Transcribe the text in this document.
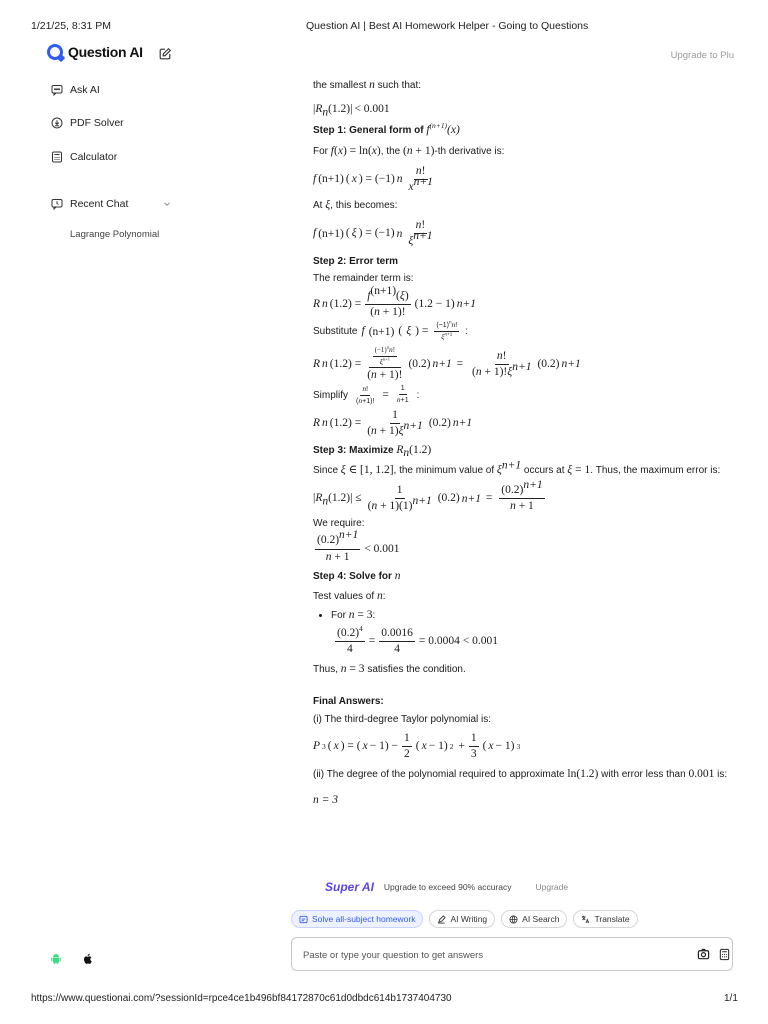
1/21/25, 8:31 PM	Question AI | Best AI Homework Helper - Going to Questions
https://www.questionai.com/?sessionId=rpce4ce1b496bf84172870c61d0dbdc614b1737404730	1/1
Question AI
Ask AI
PDF Solver
Calculator
Recent Chat
Lagrange Polynomial
Upgrade to Plu

the smallest n such that:

$|R_n(1.2)| < 0.001$

Step 1: General form of $f^{(n+1)}(x)$

For f(x) = ln(x), the (n + 1)-th derivative is:

f (n+1) ( x ) = (−1) n $\frac{n!}{x^{n+1}}$

At ξ, this becomes:

f (n+1) ( ξ ) = (−1) n $\frac{n!}{\xi^{n+1}}$

Step 2: Error term

The remainder term is:

R n $(1.2) = \frac{f^{(n+1)}(\xi)}{(n + 1)!} (1.2 - 1)$ n+1

Substitute f (n+1) ( ξ ) = $\frac{(-1)^nn!}{\xi^{n+1}}$ :

R n $(1.2) = \frac{\frac{(-1)^nn!}{\xi^{n+1}}}{(n + 1)!} (0.2) n+1 = \frac{n!}{(n + 1)!\xi^{n+1}} (0.2)$ n+1

Simplify $\frac{n!}{(n+1)!} = \frac{1}{n+1}$ :

R n $(1.2) = \frac{1}{(n + 1)\xi^{n+1}} (0.2)$ n+1

Step 3: Maximize $R_n(1.2)$

Since ξ ∈ [1, 1.2], the minimum value of $\xi^{n+1}$ occurs at ξ = 1. Thus, the maximum error is:

$|R_n(1.2)| \le \frac{1}{(n + 1)(1)^{n+1}} (0.2) n+1 = \frac{(0.2)^{n+1}}{n + 1}$

We require:

$\frac{(0.2)^{n+1}}{n + 1} < 0.001$

Step 4: Solve for n

Test values of n:

• For n = 3:
$\frac{(0.2)^4}{4} = \frac{0.0016}{4} = 0.0004 < 0.001$

Thus, n = 3 satisfies the condition.

Final Answers:

(i) The third-degree Taylor polynomial is:

P 3 ( x ) = ( $x - 1) - \frac{1}{2}$ ( x − 1) $2 + \frac{1}{3}$ ( x − 1) 3

(ii) The degree of the polynomial required to approximate ln(1.2) with error less than 0.001 is:

n = 3

Super AI Upgrade to exceed 90% accuracy	Upgrade
Solve all-subject homework	AI Writing	AI Search	Translate
Paste or type your question to get answers
